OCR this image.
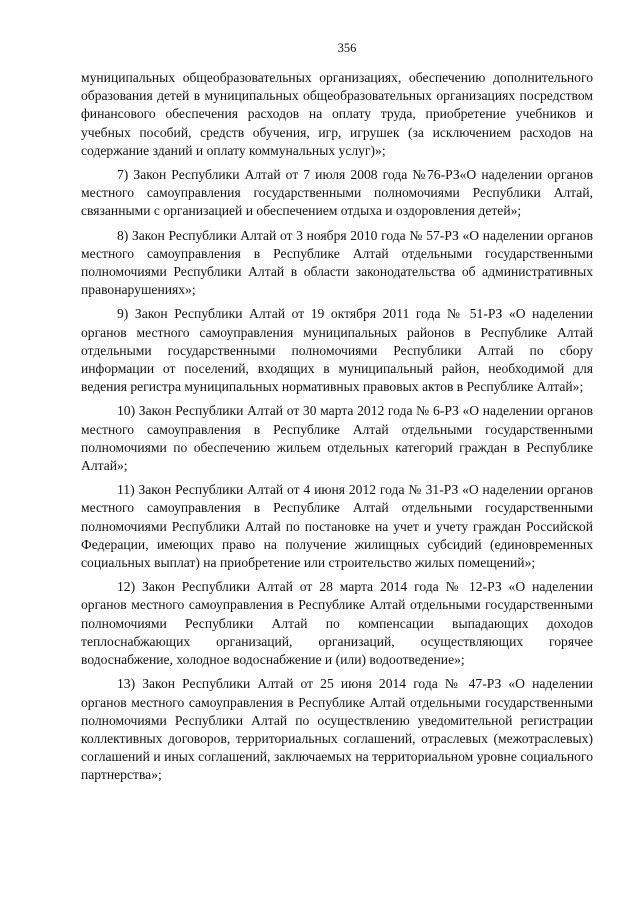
356

муниципальных общеобразовательных организациях, обеспечению дополнительного образования детей в муниципальных общеобразовательных организациях посредством финансового обеспечения расходов на оплату труда, приобретение учебников и учебных пособий, средств обучения, игр, игрушек (за исключением расходов на содержание зданий и оплату коммунальных услуг)»;

7) Закон Республики Алтай от 7 июля 2008 года №76-РЗ«О наделении органов местного самоуправления государственными полномочиями Республики Алтай, связанными с организацией и обеспечением отдыха и оздоровления детей»;

8) Закон Республики Алтай от 3 ноября 2010 года № 57-РЗ «О наделении органов местного самоуправления в Республике Алтай отдельными государственными полномочиями Республики Алтай в области законодательства об административных правонарушениях»;

9) Закон Республики Алтай от 19 октября 2011 года № 51-РЗ «О наделении органов местного самоуправления муниципальных районов в Республике Алтай отдельными государственными полномочиями Республики Алтай по сбору информации от поселений, входящих в муниципальный район, необходимой для ведения регистра муниципальных нормативных правовых актов в Республике Алтай»;

10) Закон Республики Алтай от 30 марта 2012 года № 6-РЗ «О наделении органов местного самоуправления в Республике Алтай отдельными государственными полномочиями по обеспечению жильем отдельных категорий граждан в Республике Алтай»;

11) Закон Республики Алтай от 4 июня 2012 года № 31-РЗ «О наделении органов местного самоуправления в Республике Алтай отдельными государственными полномочиями Республики Алтай по постановке на учет и учету граждан Российской Федерации, имеющих право на получение жилищных субсидий (единовременных социальных выплат) на приобретение или строительство жилых помещений»;

12) Закон Республики Алтай от 28 марта 2014 года № 12-РЗ «О наделении органов местного самоуправления в Республике Алтай отдельными государственными полномочиями Республики Алтай по компенсации выпадающих доходов теплоснабжающих организаций, организаций, осуществляющих горячее водоснабжение, холодное водоснабжение и (или) водоотведение»;

13) Закон Республики Алтай от 25 июня 2014 года № 47-РЗ «О наделении органов местного самоуправления в Республике Алтай отдельными государственными полномочиями Республики Алтай по осуществлению уведомительной регистрации коллективных договоров, территориальных соглашений, отраслевых (межотраслевых) соглашений и иных соглашений, заключаемых на территориальном уровне социального партнерства»;
